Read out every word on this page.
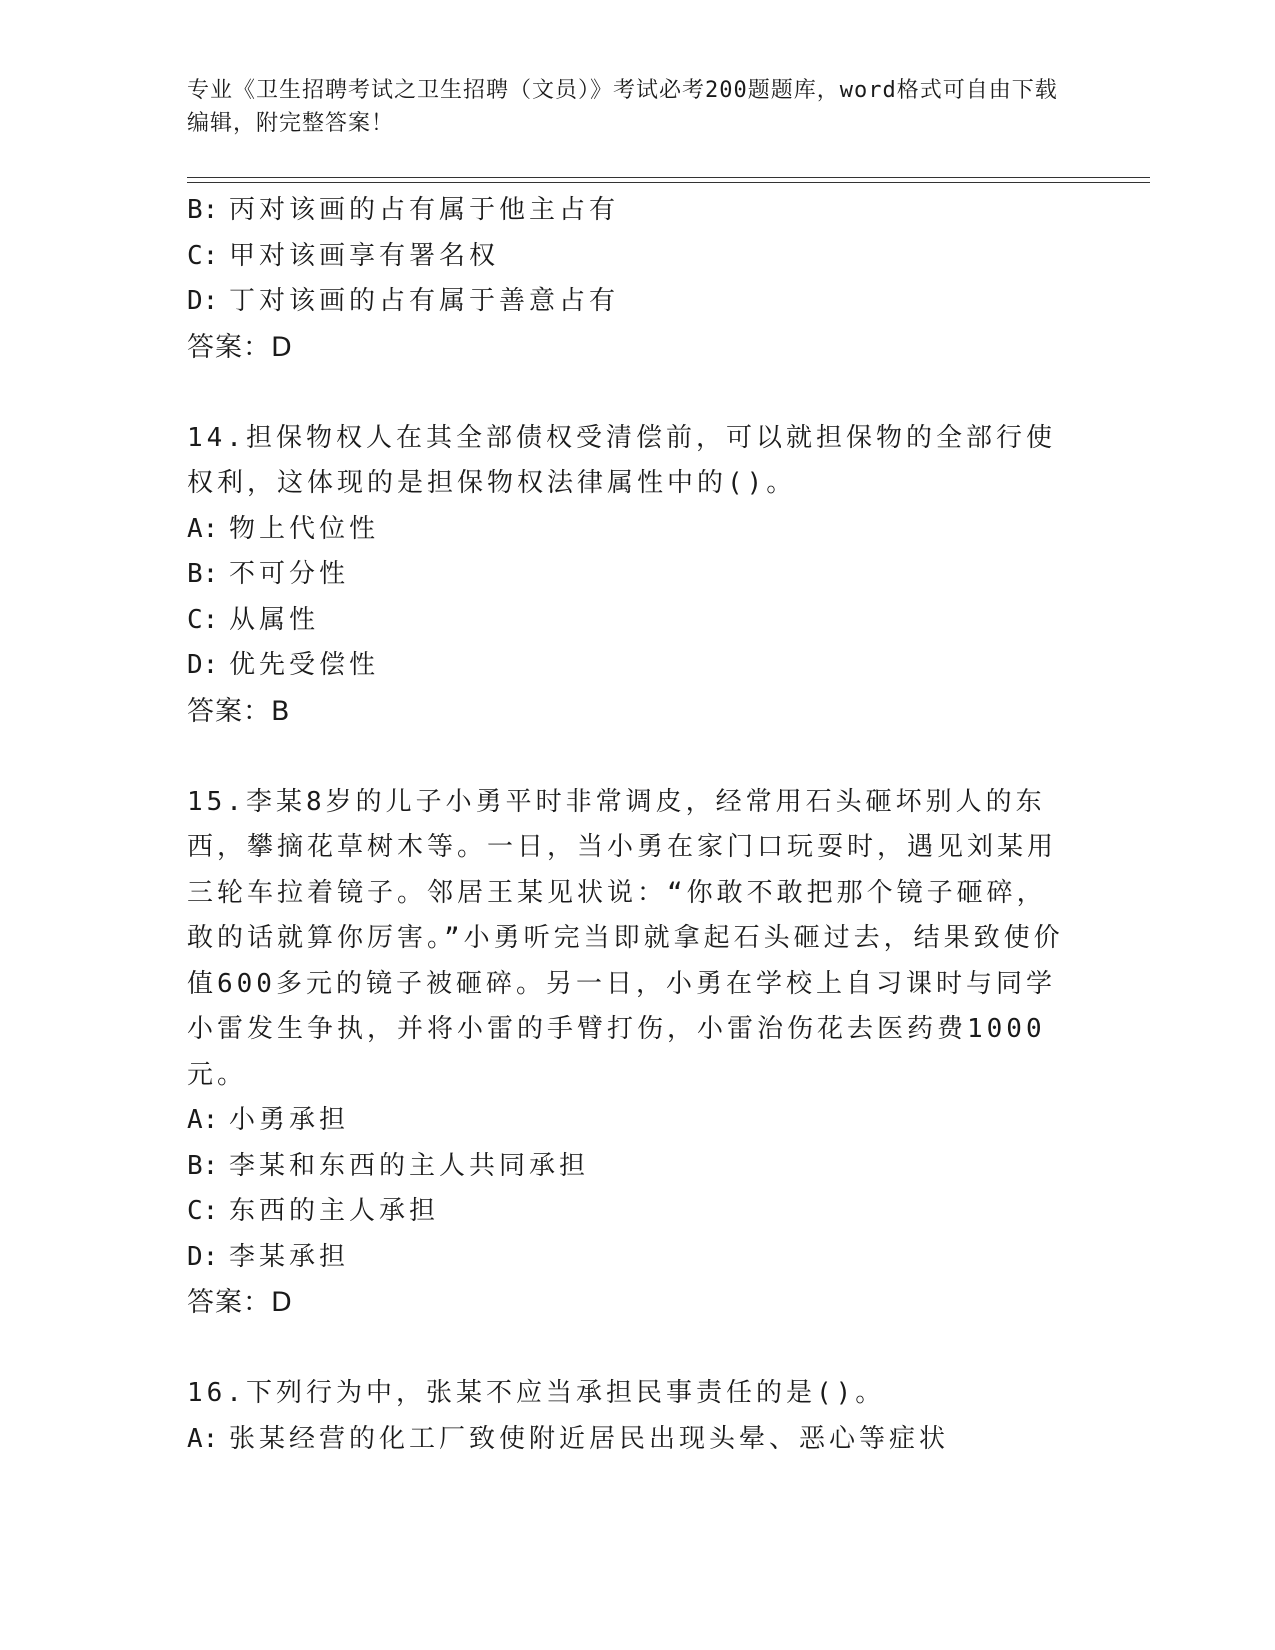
专业《卫生招聘考试之卫生招聘（文员）》考试必考200题题库，word格式可自由下载编辑，附完整答案！
B: 丙对该画的占有属于他主占有
C: 甲对该画享有署名权
D: 丁对该画的占有属于善意占有
答案：D
14.担保物权人在其全部债权受清偿前，可以就担保物的全部行使权利，这体现的是担保物权法律属性中的()。
A: 物上代位性
B: 不可分性
C: 从属性
D: 优先受偿性
答案：B
15.李某8岁的儿子小勇平时非常调皮，经常用石头砸坏别人的东西，攀摘花草树木等。一日，当小勇在家门口玩耍时，遇见刘某用三轮车拉着镜子。邻居王某见状说：“你敢不敢把那个镜子砸碎，敢的话就算你厉害。”小勇听完当即就拿起石头砸过去，结果致使价值600多元的镜子被砸碎。另一日，小勇在学校上自习课时与同学小雷发生争执，并将小雷的手臂打伤，小雷治伤花去医药费1000元。
A: 小勇承担
B: 李某和东西的主人共同承担
C: 东西的主人承担
D: 李某承担
答案：D
16.下列行为中，张某不应当承担民事责任的是()。
A: 张某经营的化工厂致使附近居民出现头晕、恶心等症状
